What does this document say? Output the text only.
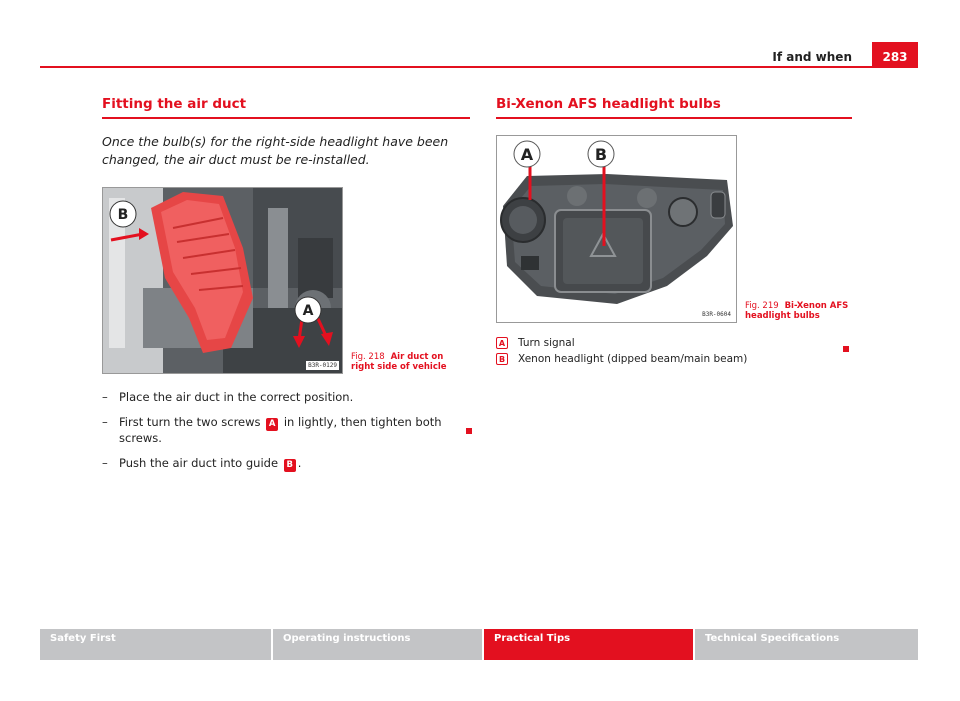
If and when	283
Fitting the air duct

Once the bulb(s) for the right-side headlight have been changed, the air duct must be re-installed.

B
A
B3R-0129
Fig. 218 Air duct on
right side of vehicle
– Place the air duct in the correct position.
– First turn the two screws A in lightly, then tighten both screws.
– Push the air duct into guide B .
Bi-Xenon AFS headlight bulbs
A	B
B3R-0604
Fig. 219 Bi-Xenon AFS
headlight bulbs
A Turn signal
B Xenon headlight (dipped beam/main beam)
Safety First	Operating instructions	Practical Tips	Technical Specifications
